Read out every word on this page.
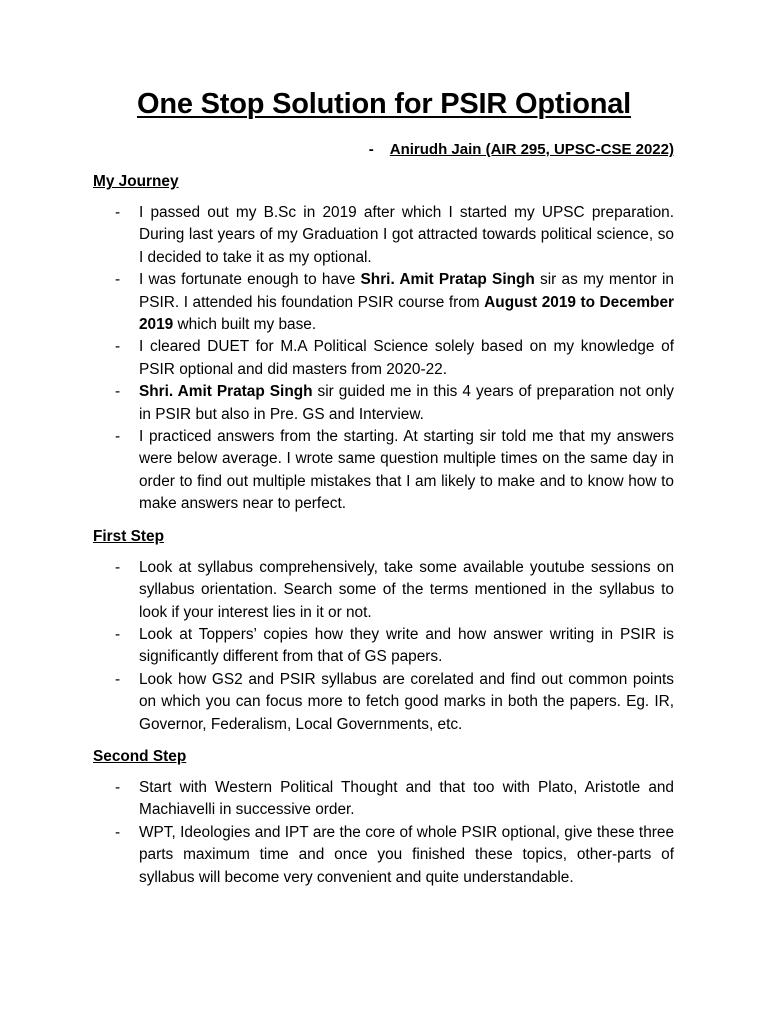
One Stop Solution for PSIR Optional
- Anirudh Jain (AIR 295, UPSC-CSE 2022)

My Journey

- I passed out my B.Sc in 2019 after which I started my UPSC preparation. During last years of my Graduation I got attracted towards political science, so I decided to take it as my optional.
- I was fortunate enough to have Shri. Amit Pratap Singh sir as my mentor in PSIR. I attended his foundation PSIR course from August 2019 to December 2019 which built my base.
- I cleared DUET for M.A Political Science solely based on my knowledge of PSIR optional and did masters from 2020-22.
- Shri. Amit Pratap Singh sir guided me in this 4 years of preparation not only in PSIR but also in Pre. GS and Interview.
- I practiced answers from the starting. At starting sir told me that my answers were below average. I wrote same question multiple times on the same day in order to find out multiple mistakes that I am likely to make and to know how to make answers near to perfect.

First Step

- Look at syllabus comprehensively, take some available youtube sessions on syllabus orientation. Search some of the terms mentioned in the syllabus to look if your interest lies in it or not.
- Look at Toppers’ copies how they write and how answer writing in PSIR is significantly different from that of GS papers.
- Look how GS2 and PSIR syllabus are corelated and find out common points on which you can focus more to fetch good marks in both the papers. Eg. IR, Governor, Federalism, Local Governments, etc.

Second Step

- Start with Western Political Thought and that too with Plato, Aristotle and Machiavelli in successive order.
- WPT, Ideologies and IPT are the core of whole PSIR optional, give these three parts maximum time and once you finished these topics, other-parts of syllabus will become very convenient and quite understandable.
